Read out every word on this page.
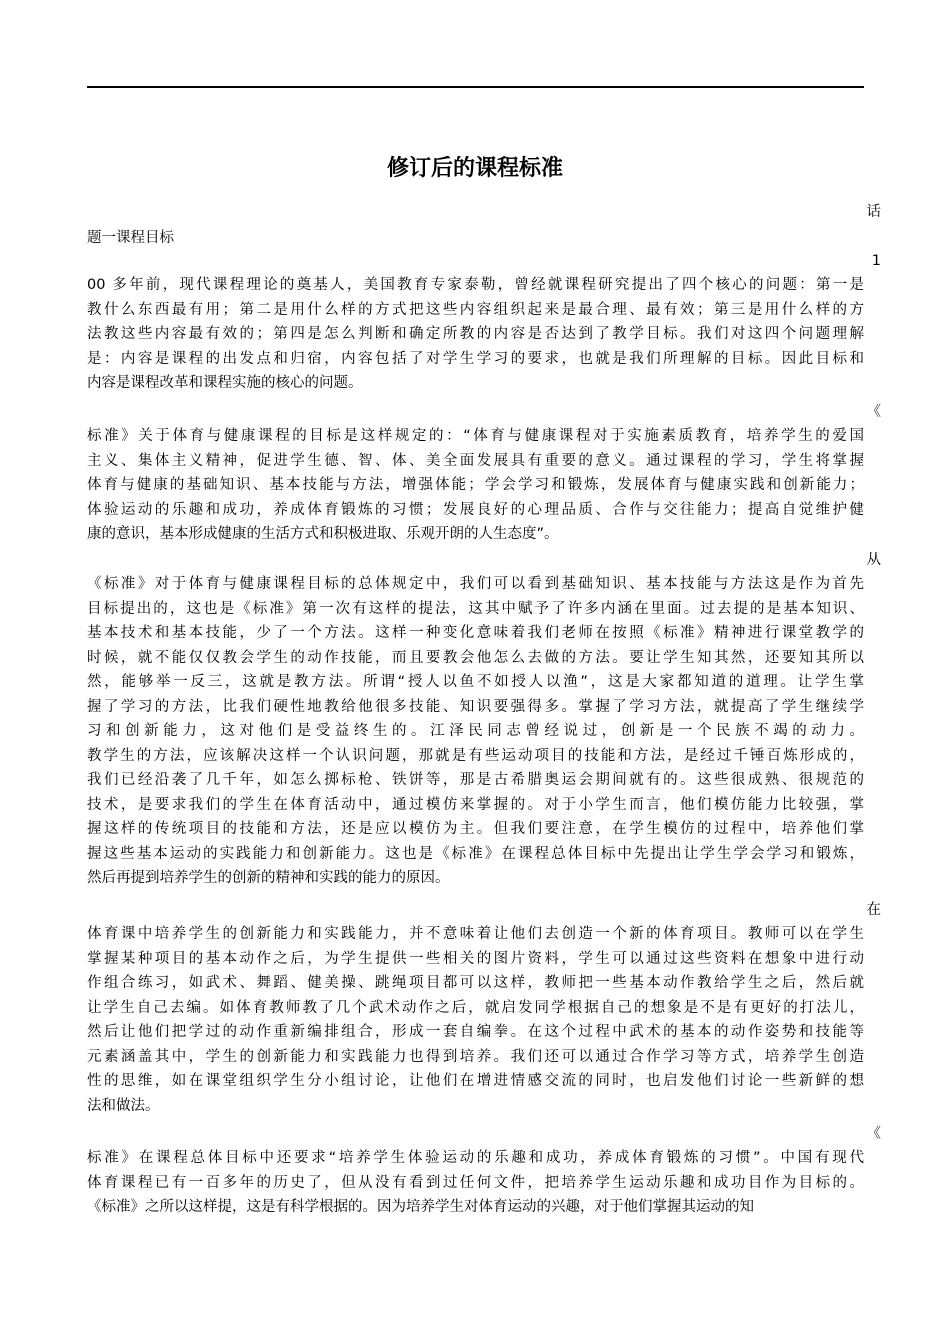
修订后的课程标准
话
题一课程目标
1
00 多年前，现代课程理论的奠基人，美国教育专家泰勒，曾经就课程研究提出了四个核心的问题：第一是
教什么东西最有用；第二是用什么样的方式把这些内容组织起来是最合理、最有效；第三是用什么样的方
法教这些内容最有效的；第四是怎么判断和确定所教的内容是否达到了教学目标。我们对这四个问题理解
是：内容是课程的出发点和归宿，内容包括了对学生学习的要求，也就是我们所理解的目标。因此目标和
内容是课程改革和课程实施的核心的问题。
《
标准》关于体育与健康课程的目标是这样规定的：“体育与健康课程对于实施素质教育，培养学生的爱国
主义、集体主义精神，促进学生德、智、体、美全面发展具有重要的意义。通过课程的学习，学生将掌握
体育与健康的基础知识、基本技能与方法，增强体能；学会学习和锻炼，发展体育与健康实践和创新能力；
体验运动的乐趣和成功，养成体育锻炼的习惯；发展良好的心理品质、合作与交往能力；提高自觉维护健
康的意识，基本形成健康的生活方式和积极进取、乐观开朗的人生态度”。
从
《标准》对于体育与健康课程目标的总体规定中，我们可以看到基础知识、基本技能与方法这是作为首先
目标提出的，这也是《标准》第一次有这样的提法，这其中赋予了许多内涵在里面。过去提的是基本知识、
基本技术和基本技能，少了一个方法。这样一种变化意味着我们老师在按照《标准》精神进行课堂教学的
时候，就不能仅仅教会学生的动作技能，而且要教会他怎么去做的方法。要让学生知其然，还要知其所以
然，能够举一反三，这就是教方法。所谓“授人以鱼不如授人以渔”，这是大家都知道的道理。让学生掌
握了学习的方法，比我们硬性地教给他很多技能、知识要强得多。掌握了学习方法，就提高了学生继续学
习和创新能力，这对他们是受益终生的。江泽民同志曾经说过，创新是一个民族不竭的动力。
教学生的方法，应该解决这样一个认识问题，那就是有些运动项目的技能和方法，是经过千锤百炼形成的，
我们已经沿袭了几千年，如怎么掷标枪、铁饼等，那是古希腊奥运会期间就有的。这些很成熟、很规范的
技术，是要求我们的学生在体育活动中，通过模仿来掌握的。对于小学生而言，他们模仿能力比较强，掌
握这样的传统项目的技能和方法，还是应以模仿为主。但我们要注意，在学生模仿的过程中，培养他们掌
握这些基本运动的实践能力和创新能力。这也是《标准》在课程总体目标中先提出让学生学会学习和锻炼，
然后再提到培养学生的创新的精神和实践的能力的原因。
在
体育课中培养学生的创新能力和实践能力，并不意味着让他们去创造一个新的体育项目。教师可以在学生
掌握某种项目的基本动作之后，为学生提供一些相关的图片资料，学生可以通过这些资料在想象中进行动
作组合练习，如武术、舞蹈、健美操、跳绳项目都可以这样，教师把一些基本动作教给学生之后，然后就
让学生自己去编。如体育教师教了几个武术动作之后，就启发同学根据自己的想象是不是有更好的打法儿，
然后让他们把学过的动作重新编排组合，形成一套自编拳。在这个过程中武术的基本的动作姿势和技能等
元素涵盖其中，学生的创新能力和实践能力也得到培养。我们还可以通过合作学习等方式，培养学生创造
性的思维，如在课堂组织学生分小组讨论，让他们在增进情感交流的同时，也启发他们讨论一些新鲜的想
法和做法。
《
标准》在课程总体目标中还要求“培养学生体验运动的乐趣和成功，养成体育锻炼的习惯”。中国有现代
体育课程已有一百多年的历史了，但从没有看到过任何文件，把培养学生运动乐趣和成功目作为目标的。
《标准》之所以这样提，这是有科学根据的。因为培养学生对体育运动的兴趣，对于他们掌握其运动的知
